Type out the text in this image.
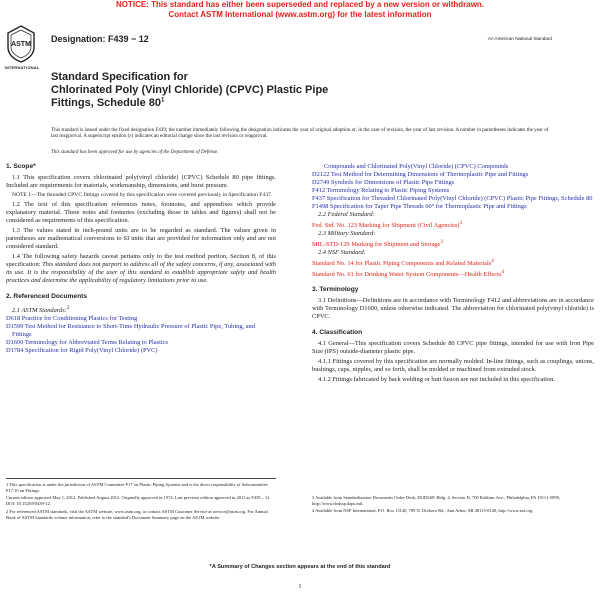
NOTICE: This standard has either been superseded and replaced by a new version or withdrawn.
Contact ASTM International (www.astm.org) for the latest information
ASTM
INTERNATIONAL
Designation: F439 − 12	An American National Standard
Standard Specification for
Chlorinated Poly (Vinyl Chloride) (CPVC) Plastic Pipe
Fittings, Schedule $80^1$
This standard is issued under the fixed designation F439; the number immediately following the designation indicates the year of original adoption or, in the case of revision, the year of last revision. A number in parentheses indicates the year of last reapproval. A superscript epsilon (ε) indicates an editorial change since the last revision or reapproval.
This standard has been approved for use by agencies of the Department of Defense.

1. Scope*

1.1 This specification covers chlorinated poly(vinyl chloride) (CPVC) Schedule 80 pipe fittings. Included are requirements for materials, workmanship, dimensions, and burst pressure.

NOTE 1—The threaded CPVC fittings covered by this specification were covered previously in Specification F437.

1.2 The text of this specification references notes, footnotes, and appendixes which provide explanatory material. These notes and footnotes (excluding those in tables and figures) shall not be considered as requirements of this specification.

1.3 The values stated in inch-pound units are to be regarded as standard. The values given in parentheses are mathematical conversions to SI units that are provided for information only and are not considered standard.

1.4 The following safety hazards caveat pertains only to the test method portion, Section 8, of this specification: This standard does not purport to address all of the safety concerns, if any, associated with its use. It is the responsibility of the user of this standard to establish appropriate safety and health practices and determine the applicability of regulatory limitations prior to use.

2. Referenced Documents

2.1 ASTM Standards:$^2$

D618 Practice for Conditioning Plastics for Testing

D1599 Test Method for Resistance to Short-Time Hydraulic Pressure of Plastic Pipe, Tubing, and Fittings

D1600 Terminology for Abbreviated Terms Relating to Plastics

D1784 Specification for Rigid Poly(Vinyl Chloride) (PVC)

Compounds and Chlorinated Poly(Vinyl Chloride) (CPVC) Compounds

D2122 Test Method for Determining Dimensions of Thermoplastic Pipe and Fittings

D2749 Symbols for Dimensions of Plastic Pipe Fittings

F412 Terminology Relating to Plastic Piping Systems

F437 Specification for Threaded Chlorinated Poly(Vinyl Chloride) (CPVC) Plastic Pipe Fittings, Schedule 80

F1498 Specification for Taper Pipe Threads 60° for Thermoplastic Pipe and Fittings

2.2 Federal Standard:

Fed. Std. No. 123 Marking for Shipment (Civil Agencies)$^3$

2.3 Military Standard:

MIL-STD-129 Marking for Shipment and Storage$^3$

2.4 NSF Standard:

Standard No. 14 for Plastic Piping Components and Related Materials$^4$

Standard No. 61 for Drinking Water System Components—Health Effects$^4$

3. Terminology

3.1 Definitions—Definitions are in accordance with Terminology F412 and abbreviations are in accordance with Terminology D1600, unless otherwise indicated. The abbreviation for chlorinated poly(vinyl chloride) is CPVC.

4. Classification

4.1 General—This specification covers Schedule 80 CPVC pipe fittings, intended for use with Iron Pipe Size (IPS) outside-diameter plastic pipe.

4.1.1 Fittings covered by this specification are normally molded. In-line fittings, such as couplings, unions, bushings, caps, nipples, and so forth, shall be molded or machined from extruded stock.

4.1.2 Fittings fabricated by back welding or butt fusion are not included in this specification.

1 This specification is under the jurisdiction of ASTM Committee F17 on Plastic Piping Systems and is the direct responsibility of Subcommittee F17.10 on Fittings.

Current edition approved May 1, 2012. Published August 2012. Originally approved in 1974. Last previous edition approved in 2011 as F439 – 11. DOI: 10.1520/F0439-12.

2 For referenced ASTM standards, visit the ASTM website, www.astm.org, or contact ASTM Customer Service at service@astm.org. For Annual Book of ASTM Standards volume information, refer to the standard's Document Summary page on the ASTM website.

3 Available from Standardization Documents Order Desk, DODSSP, Bldg. 4, Section D, 700 Robbins Ave., Philadelphia, PA 19111-5098, http://www.dodssp.daps.mil.

4 Available from NSF International, P.O. Box 13140, 789 N. Dixboro Rd., Ann Arbor, MI 48113-0140, http://www.nsf.org.

*A Summary of Changes section appears at the end of this standard
1
